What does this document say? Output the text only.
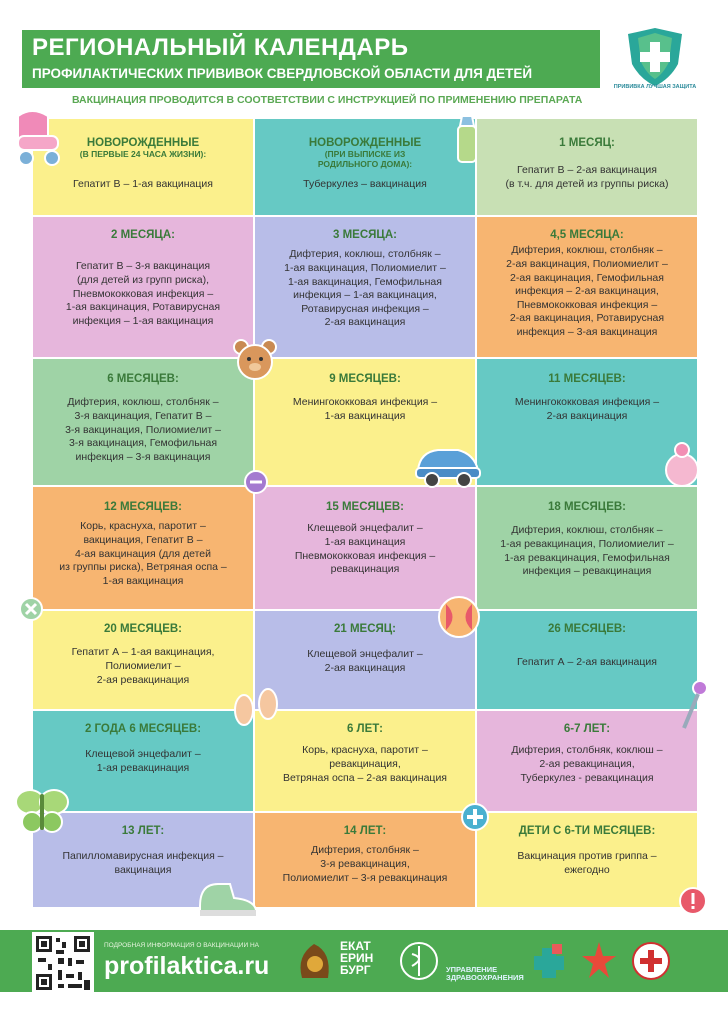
РЕГИОНАЛЬНЫЙ КАЛЕНДАРЬ
ПРОФИЛАКТИЧЕСКИХ ПРИВИВОК СВЕРДЛОВСКОЙ ОБЛАСТИ ДЛЯ ДЕТЕЙ
ВАКЦИНАЦИЯ ПРОВОДИТСЯ В СООТВЕТСТВИИ С ИНСТРУКЦИЕЙ ПО ПРИМЕНЕНИЮ ПРЕПАРАТА
ПРИВИВКА ЛУЧШАЯ ЗАЩИТА
НОВОРОЖДЕННЫЕ
(В ПЕРВЫЕ 24 ЧАСА ЖИЗНИ):
Гепатит В – 1-ая вакцинация
НОВОРОЖДЕННЫЕ
(ПРИ ВЫПИСКЕ ИЗ
РОДИЛЬНОГО ДОМА):
Туберкулез – вакцинация
1 МЕСЯЦ:
Гепатит В – 2-ая вакцинация
(в т.ч. для детей из группы риска)
2 МЕСЯЦА:
Гепатит В – 3-я вакцинация
(для детей из групп риска),
Пневмококковая инфекция –
1-ая вакцинация, Ротавирусная
инфекция – 1-ая вакцинация
3 МЕСЯЦА:
Дифтерия, коклюш, столбняк –
1-ая вакцинация, Полиомиелит –
1-ая вакцинация, Гемофильная
инфекция – 1-ая вакцинация,
Ротавирусная инфекция –
2-ая вакцинация
4,5 МЕСЯЦА:
Дифтерия, коклюш, столбняк –
2-ая вакцинация, Полиомиелит –
2-ая вакцинация, Гемофильная
инфекция – 2-ая вакцинация,
Пневмококковая инфекция –
2-ая вакцинация, Ротавирусная
инфекция – 3-ая вакцинация
6 МЕСЯЦЕВ:
Дифтерия, коклюш, столбняк –
3-я вакцинация, Гепатит В –
3-я вакцинация, Полиомиелит –
3-я вакцинация, Гемофильная
инфекция – 3-я вакцинация
9 МЕСЯЦЕВ:
Менингококковая инфекция –
1-ая вакцинация
11 МЕСЯЦЕВ:
Менингококковая инфекция –
2-ая вакцинация
12 МЕСЯЦЕВ:
Корь, краснуха, паротит –
вакцинация, Гепатит В –
4-ая вакцинация (для детей
из группы риска), Ветряная оспа –
1-ая вакцинация
15 МЕСЯЦЕВ:
Клещевой энцефалит –
1-ая вакцинация
Пневмококковая инфекция –
ревакцинация
18 МЕСЯЦЕВ:
Дифтерия, коклюш, столбняк –
1-ая ревакцинация, Полиомиелит –
1-ая ревакцинация, Гемофильная
инфекция – ревакцинация
20 МЕСЯЦЕВ:
Гепатит А – 1-ая вакцинация,
Полиомиелит –
2-ая ревакцинация
21 МЕСЯЦ:
Клещевой энцефалит –
2-ая вакцинация
26 МЕСЯЦЕВ:
Гепатит А – 2-ая вакцинация
2 ГОДА 6 МЕСЯЦЕВ:
Клещевой энцефалит –
1-ая ревакцинация
6 ЛЕТ:
Корь, краснуха, паротит –
ревакцинация,
Ветряная оспа – 2-ая вакцинация
6-7 ЛЕТ:
Дифтерия, столбняк, коклюш –
2-ая ревакцинация,
Туберкулез - ревакцинация
13 ЛЕТ:
Папилломавирусная инфекция –
вакцинация
14 ЛЕТ:
Дифтерия, столбняк –
3-я ревакцинация,
Полиомиелит – 3-я ревакцинация
ДЕТИ С 6-ТИ МЕСЯЦЕВ:
Вакцинация против гриппа –
ежегодно
ПОДРОБНАЯ ИНФОРМАЦИЯ О ВАКЦИНАЦИИ НА
profilaktica.ru
ЕКАТ
ЕРИН
БУРГ	УПРАВЛЕНИЕ ЗДРАВООХРАНЕНИЯ
